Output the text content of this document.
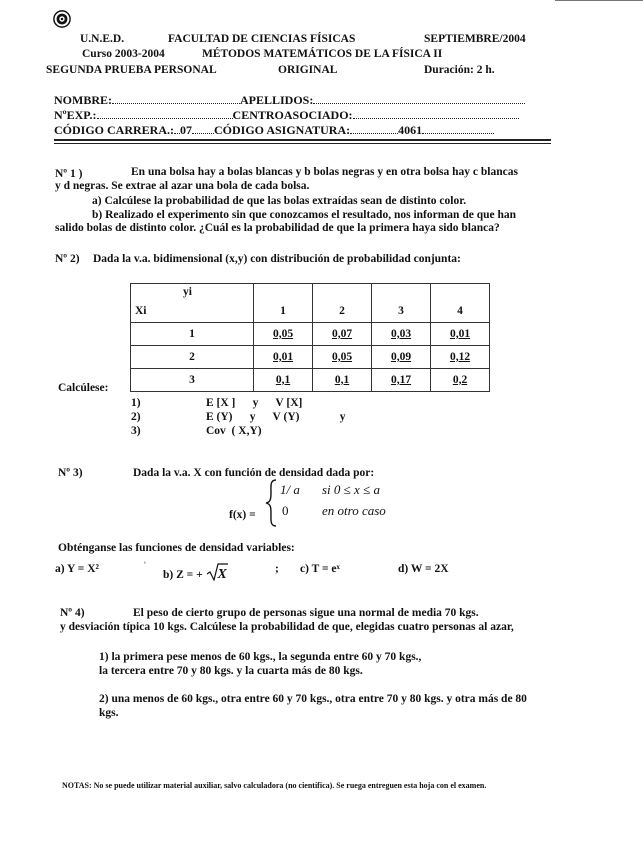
U.N.E.D.	FACULTAD DE CIENCIAS FÍSICAS	SEPTIEMBRE/2004
Curso 2003-2004	MÉTODOS MATEMÁTICOS DE LA FÍSICA II
SEGUNDA PRUEBA PERSONAL	ORIGINAL	Duración: 2 h.
NOMBRE:	APELLIDOS:
NºEXP.:	CENTROASOCIADO:
CÓDIGO CARRERA.: 07 CÓDIGO ASIGNATURA:	4061
Nº 1 )	En una bolsa hay a bolas blancas y b bolas negras y en otra bolsa hay c blancas
y d negras. Se extrae al azar una bola de cada bolsa.
a) Calcúlese la probabilidad de que las bolas extraídas sean de distinto color.
b) Realizado el experimento sin que conozcamos el resultado, nos informan de que han
salido bolas de distinto color. ¿Cuál es la probabilidad de que la primera haya sido blanca?
Nº 2) Dada la v.a. bidimensional (x,y) con distribución de probabilidad conjunta:
yi				
Xi	1	2	3	4
1	0,05	0,07	0,03	0,01
2	0,01	0,05	0,09	0,12
3	0,1	0,1	0,17	0,2
Calcúlese:
1)	E [X ]      y      V [X]
2)	E (Y)      y      V (Y)              y
3)	Cov  ( X,Y)
Nº 3)	Dada la v.a. X con función de densidad dada por:
f(x) =
1/ a si 0 ≤ x ≤ a
0	en otro caso
Obténganse las funciones de densidad variables:
a) Y = X²	ˈ
b) Z = + X	; c) T = eˣ	d) W = 2X
Nº 4)	El peso de cierto grupo de personas sigue una normal de media 70 kgs.
y desviación típica 10 kgs. Calcúlese la probabilidad de que, elegidas cuatro personas al azar,
1) la primera pese menos de 60 kgs., la segunda entre 60 y 70 kgs.,
la tercera entre 70 y 80 kgs. y la cuarta más de 80 kgs.
2) una menos de 60 kgs., otra entre 60 y 70 kgs., otra entre 70 y 80 kgs. y otra más de 80
kgs.
NOTAS: No se puede utilizar material auxiliar, salvo calculadora (no científica). Se ruega entreguen esta hoja con el examen.
